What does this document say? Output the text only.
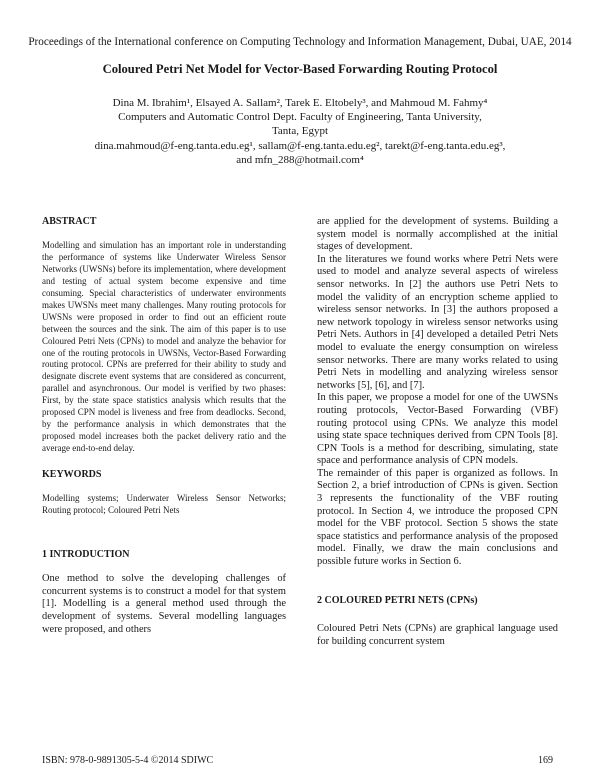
Proceedings of the International conference on Computing Technology and Information Management, Dubai, UAE, 2014
Coloured Petri Net Model for Vector-Based Forwarding Routing Protocol
Dina M. Ibrahim¹, Elsayed A. Sallam², Tarek E. Eltobely³, and Mahmoud M. Fahmy⁴
Computers and Automatic Control Dept. Faculty of Engineering, Tanta University,
Tanta, Egypt
dina.mahmoud@f-eng.tanta.edu.eg¹, sallam@f-eng.tanta.edu.eg², tarekt@f-eng.tanta.edu.eg³,
and mfn_288@hotmail.com⁴
ABSTRACT
Modelling and simulation has an important role in understanding the performance of systems like Underwater Wireless Sensor Networks (UWSNs) before its implementation, where development and testing of actual system become expensive and time consuming. Special characteristics of underwater environments makes UWSNs meet many challenges. Many routing protocols for UWSNs were proposed in order to find out an efficient route between the sources and the sink. The aim of this paper is to use Coloured Petri Nets (CPNs) to model and analyze the behavior for one of the routing protocols in UWSNs, Vector-Based Forwarding routing protocol. CPNs are preferred for their ability to study and designate discrete event systems that are considered as concurrent, parallel and asynchronous. Our model is verified by two phases: First, by the state space statistics analysis which results that the proposed CPN model is liveness and free from deadlocks. Second, by the performance analysis in which demonstrates that the proposed model increases both the packet delivery ratio and the average end-to-end delay.
KEYWORDS
Modelling systems; Underwater Wireless Sensor Networks; Routing protocol; Coloured Petri Nets
1 INTRODUCTION
One method to solve the developing challenges of concurrent systems is to construct a model for that system [1]. Modelling is a general method used through the development of systems. Several modelling languages were proposed, and others
are applied for the development of systems. Building a system model is normally accomplished at the initial stages of development.
In the literatures we found works where Petri Nets were used to model and analyze several aspects of wireless sensor networks. In [2] the authors use Petri Nets to model the validity of an encryption scheme applied to wireless sensor networks. In [3] the authors proposed a new network topology in wireless sensor networks using Petri Nets. Authors in [4] developed a detailed Petri Nets model to evaluate the energy consumption on wireless sensor networks. There are many works related to using Petri Nets in modelling and analyzing wireless sensor networks [5], [6], and [7].
In this paper, we propose a model for one of the UWSNs routing protocols, Vector-Based Forwarding (VBF) routing protocol using CPNs. We analyze this model using state space techniques derived from CPN Tools [8]. CPN Tools is a method for describing, simulating, state space and performance analysis of CPN models.
The remainder of this paper is organized as follows. In Section 2, a brief introduction of CPNs is given. Section 3 represents the functionality of the VBF routing protocol. In Section 4, we introduce the proposed CPN model for the VBF protocol. Section 5 shows the state space statistics and performance analysis of the proposed model. Finally, we draw the main conclusions and possible future works in Section 6.
2 COLOURED PETRI NETS (CPNs)
Coloured Petri Nets (CPNs) are graphical language used for building concurrent system
ISBN: 978-0-9891305-5-4 ©2014 SDIWC	169
